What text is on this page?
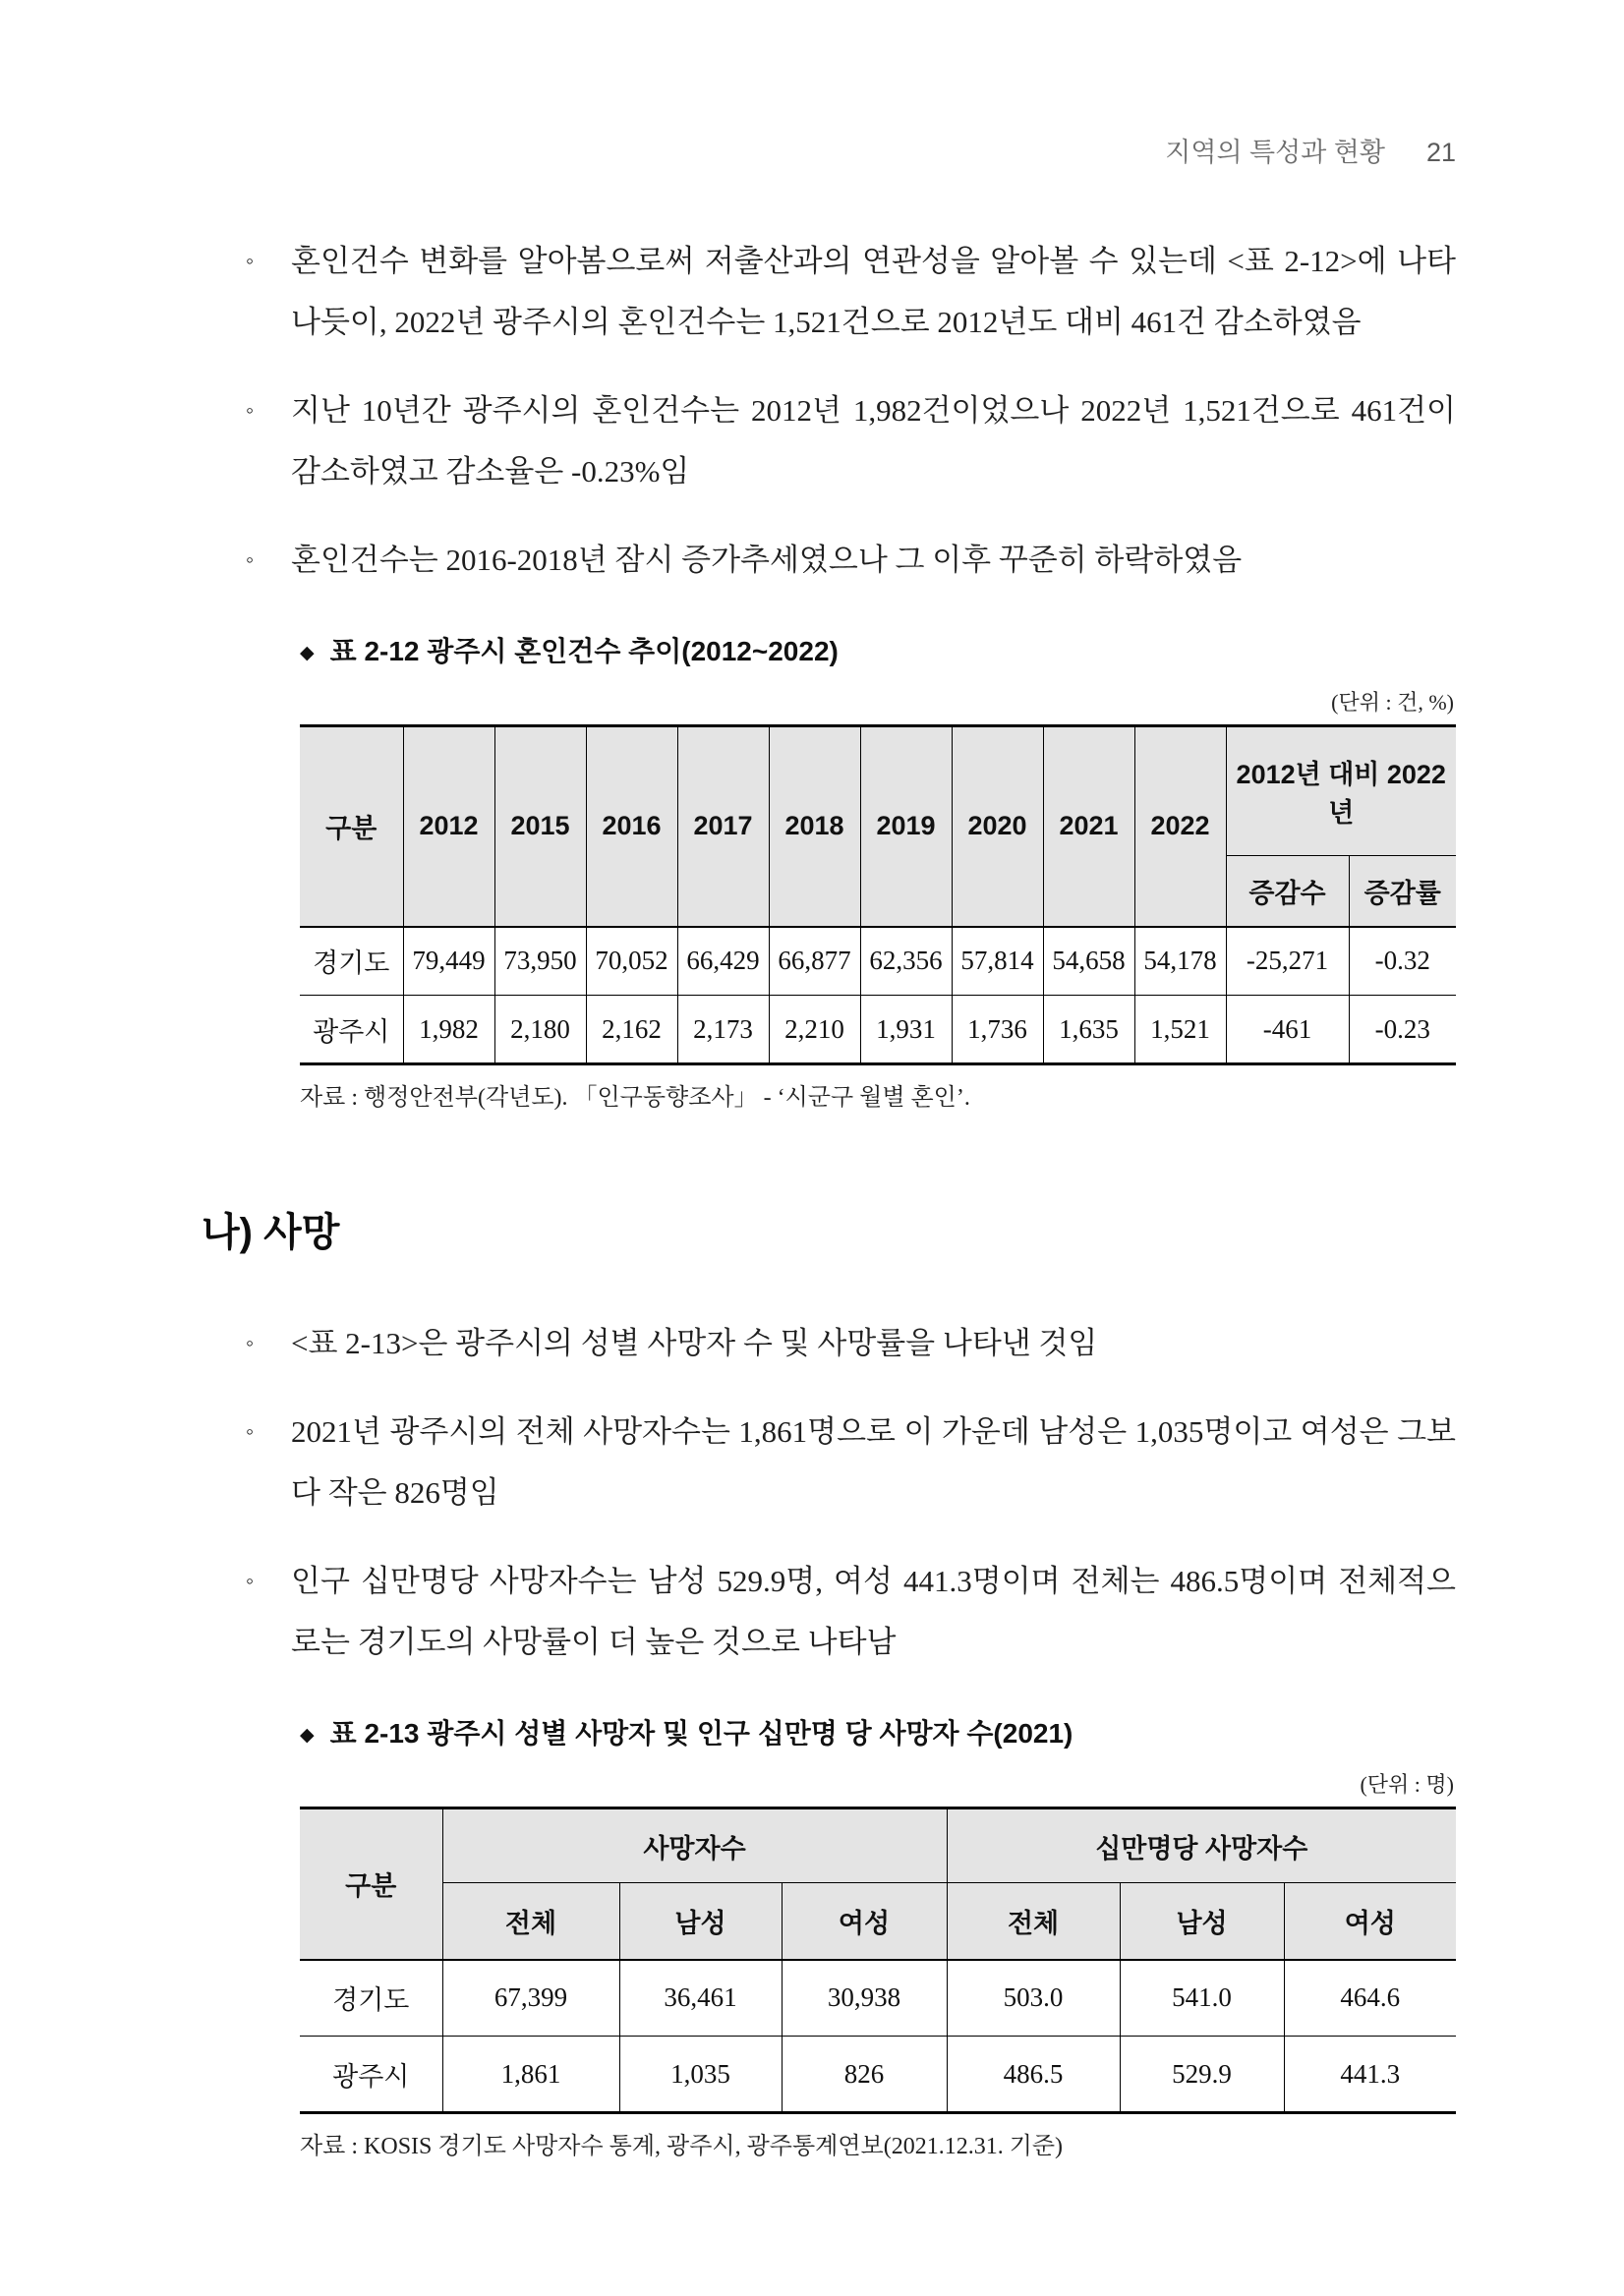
지역의 특성과 현황 21
◦	혼인건수 변화를 알아봄으로써 저출산과의 연관성을 알아볼 수 있는데 <표 2-12>에 나타나듯이, 2022년 광주시의 혼인건수는 1,521건으로 2012년도 대비 461건 감소하였음
◦	지난 10년간 광주시의 혼인건수는 2012년 1,982건이었으나 2022년 1,521건으로 461건이 감소하였고 감소율은 -0.23%임
◦	혼인건수는 2016-2018년 잠시 증가추세였으나 그 이후 꾸준히 하락하였음
◆ 표 2-12 광주시 혼인건수 추이(2012~2022)
(단위 : 건, %)
구분	2012	2015	2016	2017	2018	2019	2020	2021	2022	2012년 대비 2022년	
										증감수	증감률
경기도	79,449	73,950	70,052	66,429	66,877	62,356	57,814	54,658	54,178	-25,271	-0.32
광주시	1,982	2,180	2,162	2,173	2,210	1,931	1,736	1,635	1,521	-461	-0.23
자료 : 행정안전부(각년도). 「인구동향조사」 - ‘시군구 월별 혼인’.
나) 사망
◦	<표 2-13>은 광주시의 성별 사망자 수 및 사망률을 나타낸 것임
◦	2021년 광주시의 전체 사망자수는 1,861명으로 이 가운데 남성은 1,035명이고 여성은 그보다 작은 826명임
◦	인구 십만명당 사망자수는 남성 529.9명, 여성 441.3명이며 전체는 486.5명이며 전체적으로는 경기도의 사망률이 더 높은 것으로 나타남
◆ 표 2-13 광주시 성별 사망자 및 인구 십만명 당 사망자 수(2021)
(단위 : 명)
구분	사망자수			십만명당 사망자수		
	전체	남성	여성	전체	남성	여성
경기도	67,399	36,461	30,938	503.0	541.0	464.6
광주시	1,861	1,035	826	486.5	529.9	441.3
자료 : KOSIS 경기도 사망자수 통계, 광주시, 광주통계연보(2021.12.31. 기준)
